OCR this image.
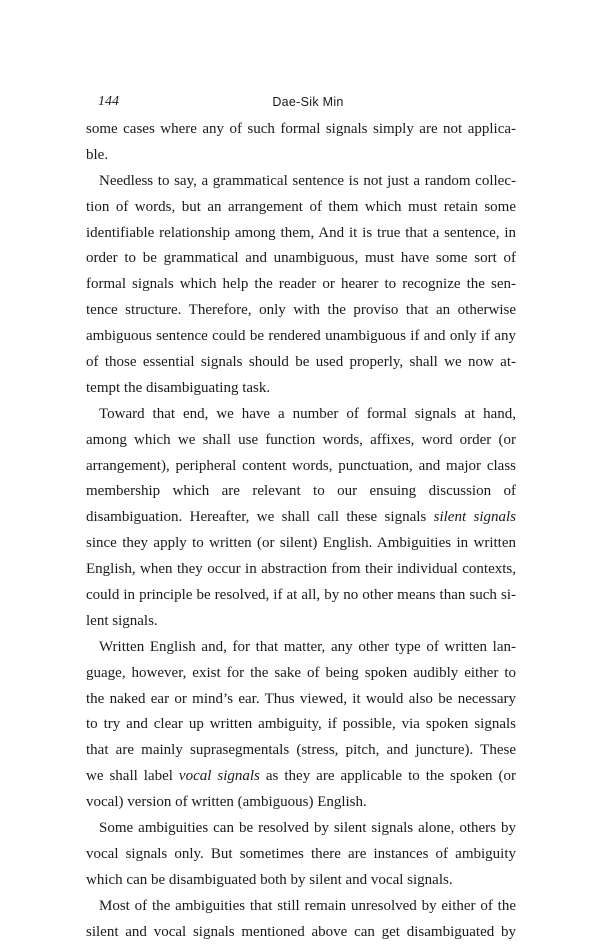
144	Dae-Sik Min
some cases where any of such formal signals simply are not applica-
ble.
Needless to say, a grammatical sentence is not just a random collec-
tion of words, but an arrangement of them which must retain some
identifiable relationship among them, And it is true that a sentence, in
order to be grammatical and unambiguous, must have some sort of
formal signals which help the reader or hearer to recognize the sen-
tence structure. Therefore, only with the proviso that an otherwise
ambiguous sentence could be rendered unambiguous if and only if any
of those essential signals should be used properly, shall we now at-
tempt the disambiguating task.
Toward that end, we have a number of formal signals at hand,
among which we shall use function words, affixes, word order (or
arrangement), peripheral content words, punctuation, and major class
membership which are relevant to our ensuing discussion of
disambiguation. Hereafter, we shall call these signals silent signals
since they apply to written (or silent) English. Ambiguities in written
English, when they occur in abstraction from their individual contexts,
could in principle be resolved, if at all, by no other means than such si-
lent signals.
Written English and, for that matter, any other type of written lan-
guage, however, exist for the sake of being spoken audibly either to
the naked ear or mind’s ear. Thus viewed, it would also be necessary
to try and clear up written ambiguity, if possible, via spoken signals
that are mainly suprasegmentals (stress, pitch, and juncture). These
we shall label vocal signals as they are applicable to the spoken (or
vocal) version of written (ambiguous) English.
Some ambiguities can be resolved by silent signals alone, others by
vocal signals only. But sometimes there are instances of ambiguity
which can be disambiguated both by silent and vocal signals.
Most of the ambiguities that still remain unresolved by either of the
silent and vocal signals mentioned above can get disambiguated by
